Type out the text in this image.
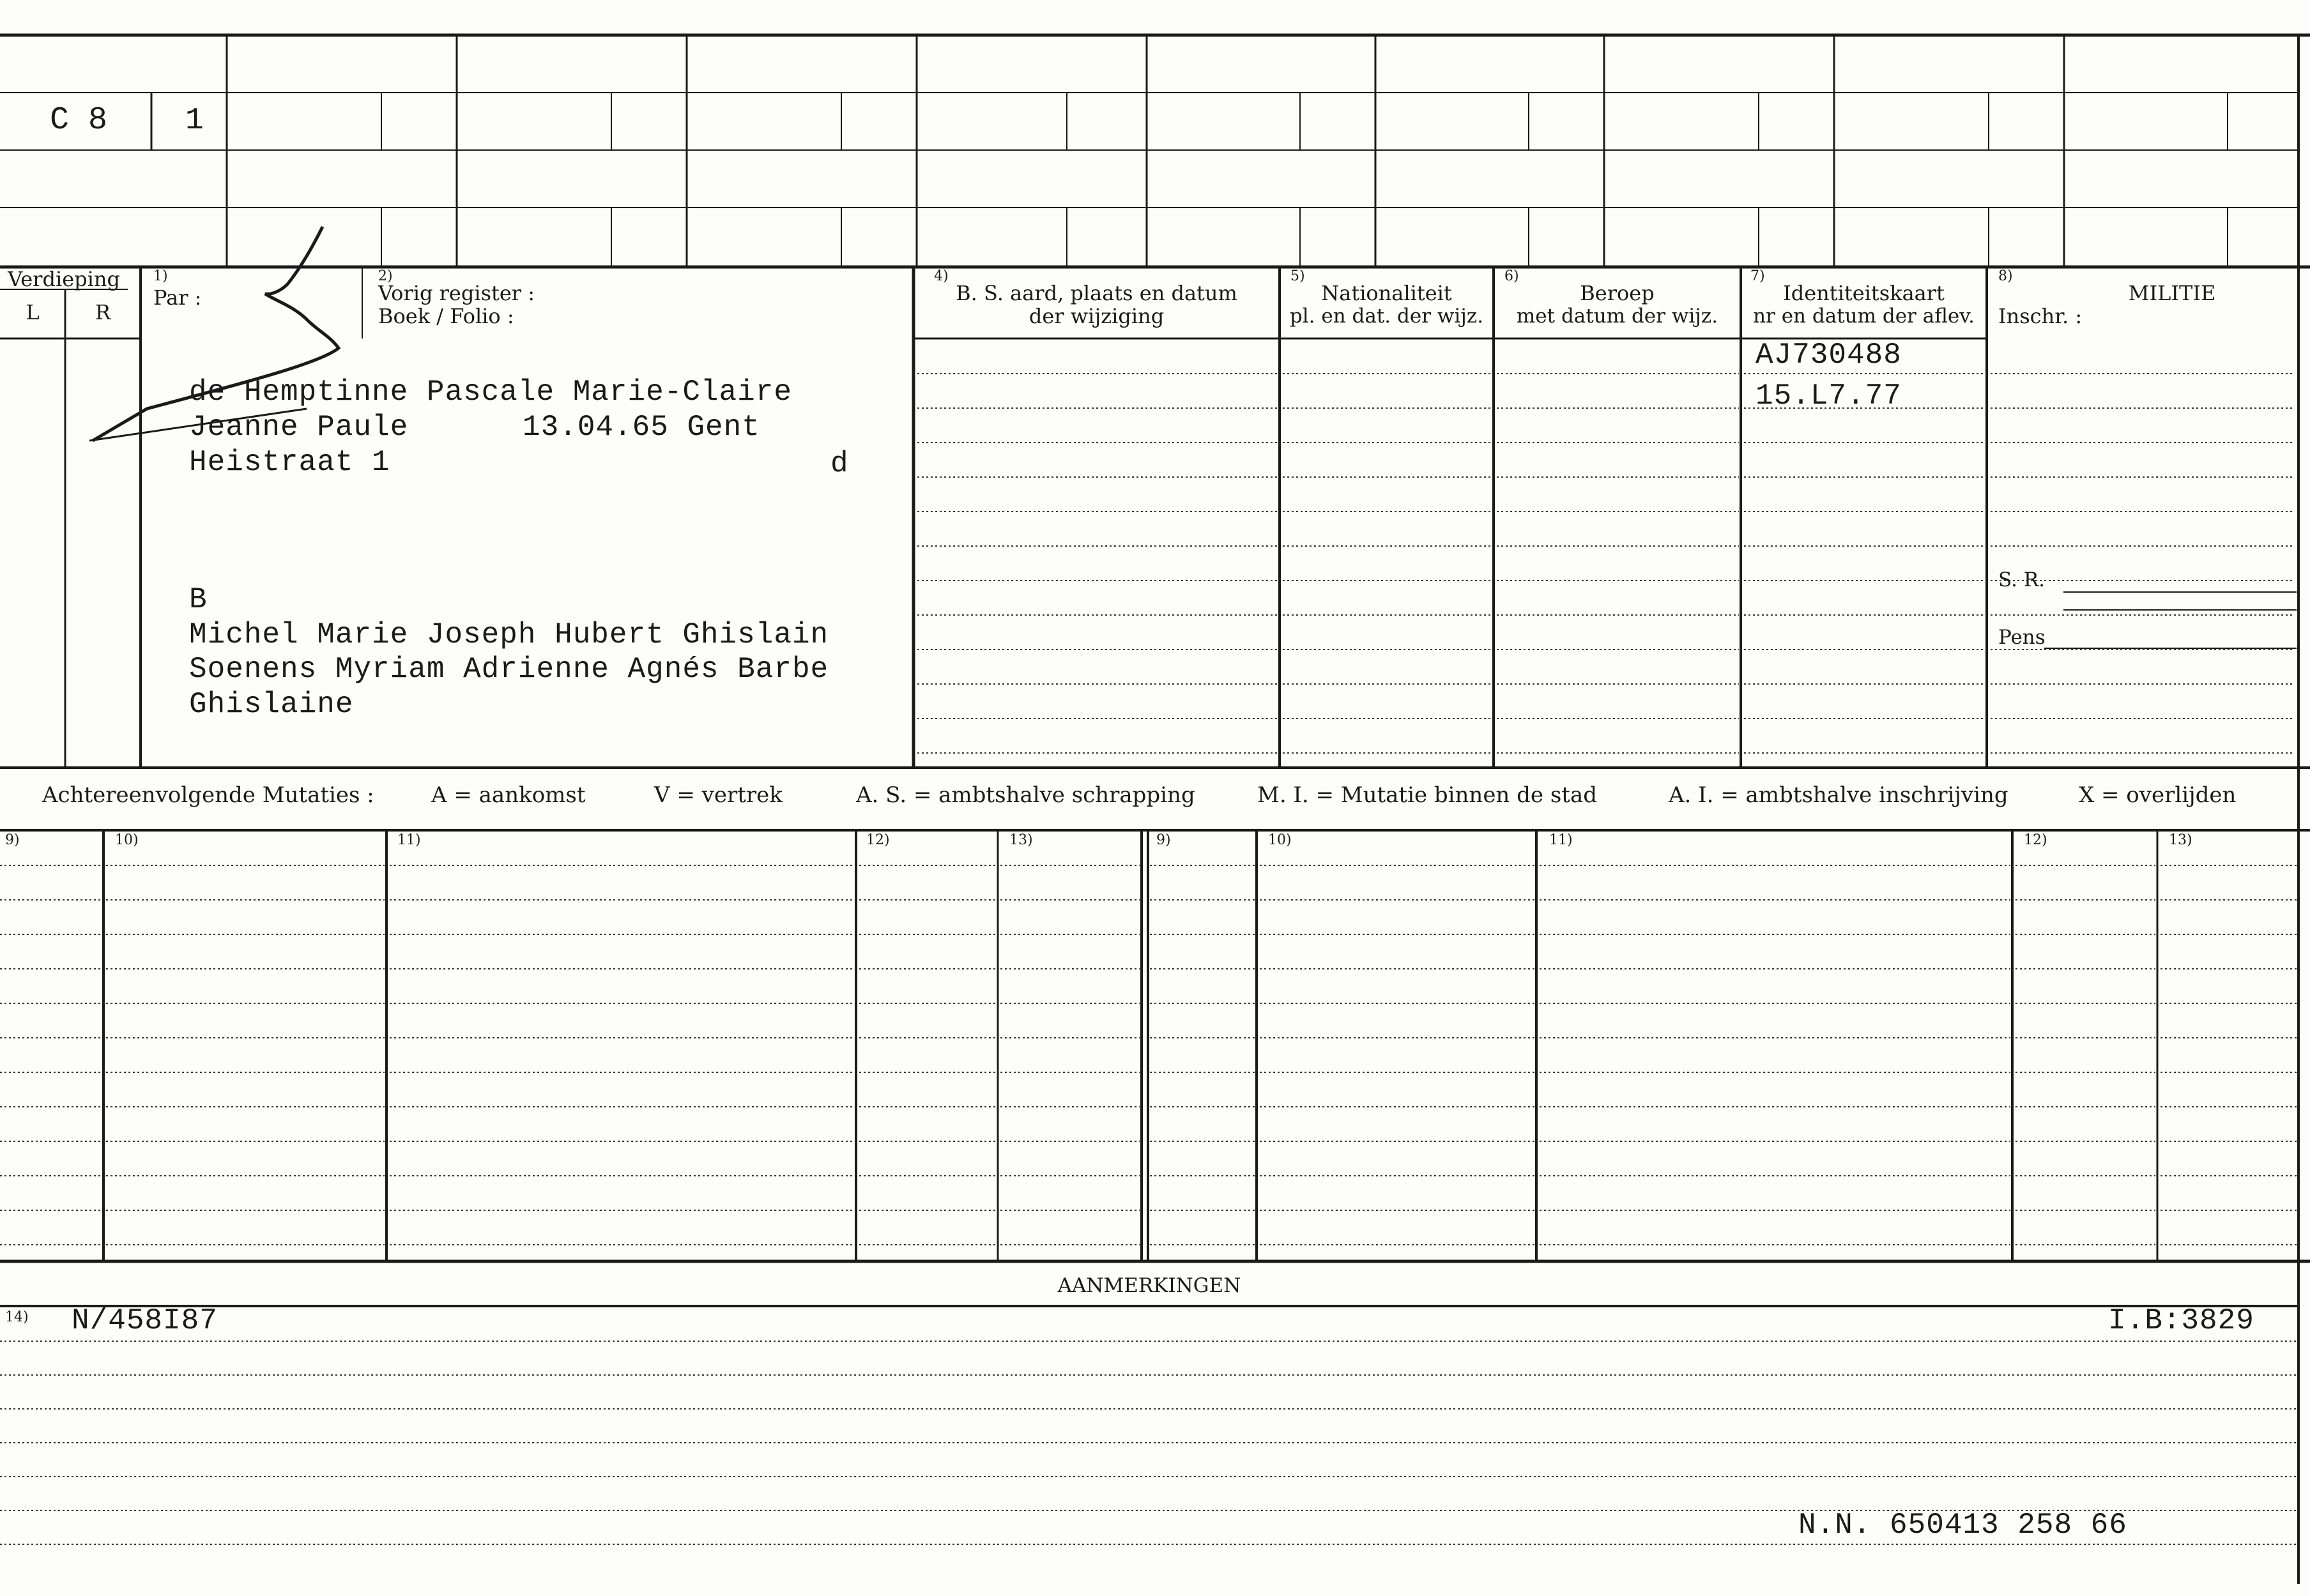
C 8	1
Verdieping
L	R
1)
Par :
2)
Vorig register :
Boek / Folio :
4)
B. S. aard, plaats en datum
der wijziging
5)
Nationaliteit
pl. en dat. der wijz.
6)
Beroep
met datum der wijz.
7)
Identiteitskaart
nr en datum der aflev.
8)
MILITIE
Inschr. :
S. R.
Pens
de Hemptinne Pascale Marie-Claire
Jeanne Paule	13.04.65 Gent
Heistraat 1	d
B
Michel Marie Joseph Hubert Ghislain
Soenens Myriam Adrienne Agnés Barbe
Ghislaine
AJ730488
15.L7.77
Achtereenvolgende Mutaties :	A = aankomst	V = vertrek	A. S. = ambtshalve schrapping	M. I. = Mutatie binnen de stad	A. I. = ambtshalve inschrijving	X = overlijden
9)	10)	11)	12)	13)	9)	10)	11)	12)	13)
AANMERKINGEN
14) N/458I87	I.B:3829
N.N. 650413 258 66
